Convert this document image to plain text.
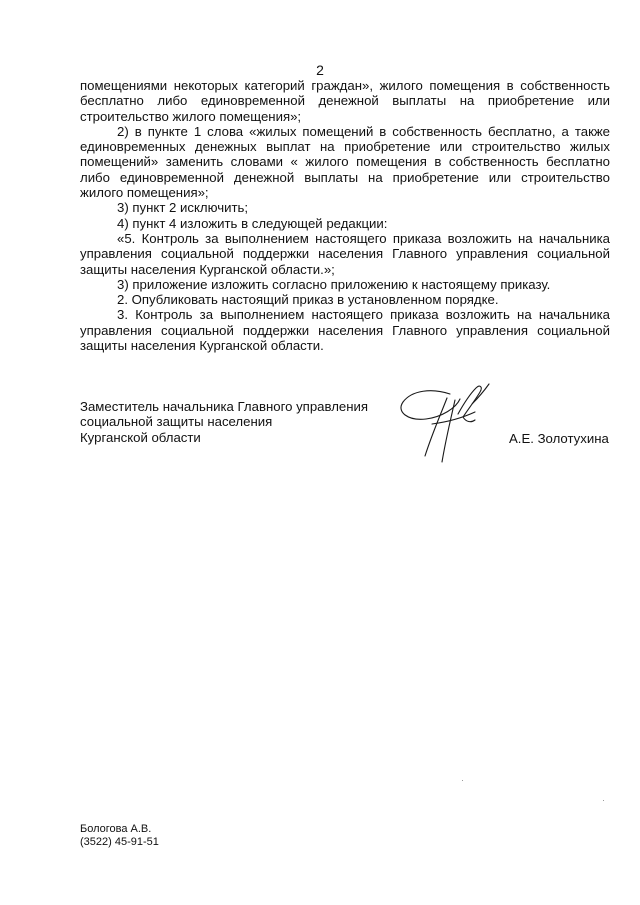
2

помещениями некоторых категорий граждан», жилого помещения в собственность бесплатно либо единовременной денежной выплаты на приобретение или строительство жилого помещения»;

2) в пункте 1 слова «жилых помещений в собственность бесплатно, а также единовременных денежных выплат на приобретение или строительство жилых помещений» заменить словами « жилого помещения в собственность бесплатно либо единовременной денежной выплаты на приобретение или строительство жилого помещения»;

3) пункт 2 исключить;

4) пункт 4 изложить в следующей редакции:

«5. Контроль за выполнением настоящего приказа возложить на начальника управления социальной поддержки населения Главного управления социальной защиты населения Курганской области.»;

3) приложение изложить согласно приложению к настоящему приказу.

2. Опубликовать настоящий приказ в установленном порядке.

3. Контроль за выполнением настоящего приказа возложить на начальника управления социальной поддержки населения Главного управления социальной защиты населения Курганской области.

Заместитель начальника Главного управления
социальной защиты населения
Курганской области	А.Е. Золотухина
Бологова А.В.
(3522) 45-91-51
